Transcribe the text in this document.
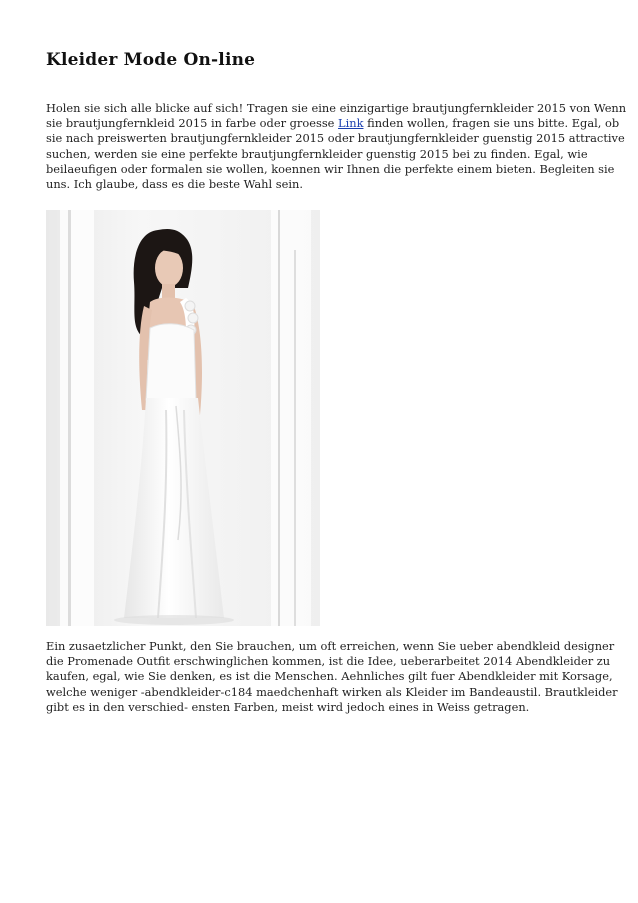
Kleider Mode On-line

Holen sie sich alle blicke auf sich! Tragen sie eine einzigartige brautjungfernkleider 2015 von Wenn
sie brautjungfernkleid 2015 in farbe oder groesse Link finden wollen, fragen sie uns bitte. Egal, ob
sie nach preiswerten brautjungfernkleider 2015 oder brautjungfernkleider guenstig 2015 attractive
suchen, werden sie eine perfekte brautjungfernkleider guenstig 2015 bei zu finden. Egal, wie
beilaeufigen oder formalen sie wollen, koennen wir Ihnen die perfekte einem bieten. Begleiten sie
uns. Ich glaube, dass es die beste Wahl sein.

Ein zusaetzlicher Punkt, den Sie brauchen, um oft erreichen, wenn Sie ueber abendkleid designer
die Promenade Outfit erschwinglichen kommen, ist die Idee, ueberarbeitet 2014 Abendkleider zu
kaufen, egal, wie Sie denken, es ist die Menschen. Aehnliches gilt fuer Abendkleider mit Korsage,
welche weniger -abendkleider-c184 maedchenhaft wirken als Kleider im Bandeaustil. Brautkleider
gibt es in den verschied- ensten Farben, meist wird jedoch eines in Weiss getragen.
